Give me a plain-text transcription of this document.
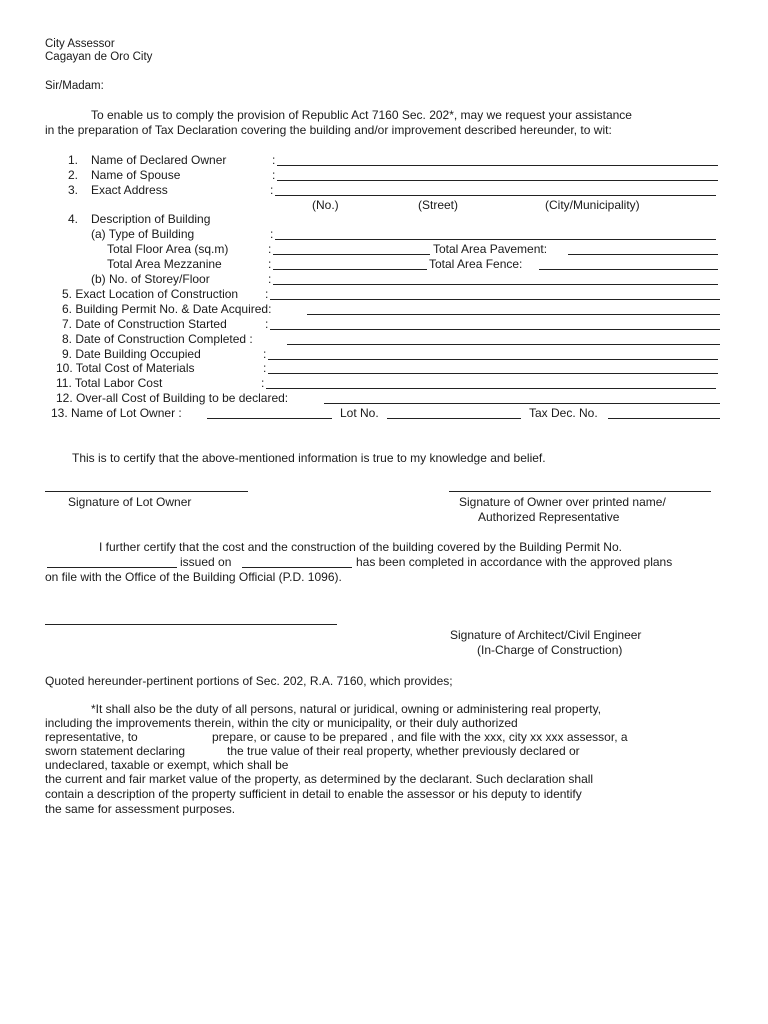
City Assessor
Cagayan de Oro City
Sir/Madam:
To enable us to comply the provision of Republic Act 7160 Sec. 202*, may we request your assistance
in the preparation of Tax Declaration covering the building and/or improvement described hereunder, to wit:
1. Name of Declared Owner	:
2. Name of Spouse	:
3. Exact Address	:
(No.)	(Street)	(City/Municipality)
4. Description of Building
(a) Type of Building	:
Total Floor Area (sq.m)	:	Total Area Pavement:
Total Area Mezzanine	:	Total Area Fence:
(b) No. of Storey/Floor	:
5. Exact Location of Construction :
6. Building Permit No. & Date Acquired:
7. Date of Construction Started	:
8. Date of Construction Completed :
9. Date Building Occupied	:
10. Total Cost of Materials	:
11. Total Labor Cost	:
12. Over-all Cost of Building to be declared:
13. Name of Lot Owner :	Lot No.	Tax Dec. No.
This is to certify that the above-mentioned information is true to my knowledge and belief.
Signature of Lot Owner	Signature of Owner over printed name/
Authorized Representative
I further certify that the cost and the construction of the building covered by the Building Permit No.
issued on	has been completed in accordance with the approved plans
on file with the Office of the Building Official (P.D. 1096).
Signature of Architect/Civil Engineer
(In-Charge of Construction)
Quoted hereunder-pertinent portions of Sec. 202, R.A. 7160, which provides;
*It shall also be the duty of all persons, natural or juridical, owning or administering real property,
including the improvements therein, within the city or municipality, or their duly authorized
representative, to	prepare, or cause to be prepared , and file with the xxx, city xx xxx assessor, a
sworn statement declaring	the true value of their real property, whether previously declared or
undeclared, taxable or exempt, which shall be
the current and fair market value of the property, as determined by the declarant. Such declaration shall
contain a description of the property sufficient in detail to enable the assessor or his deputy to identify
the same for assessment purposes.
